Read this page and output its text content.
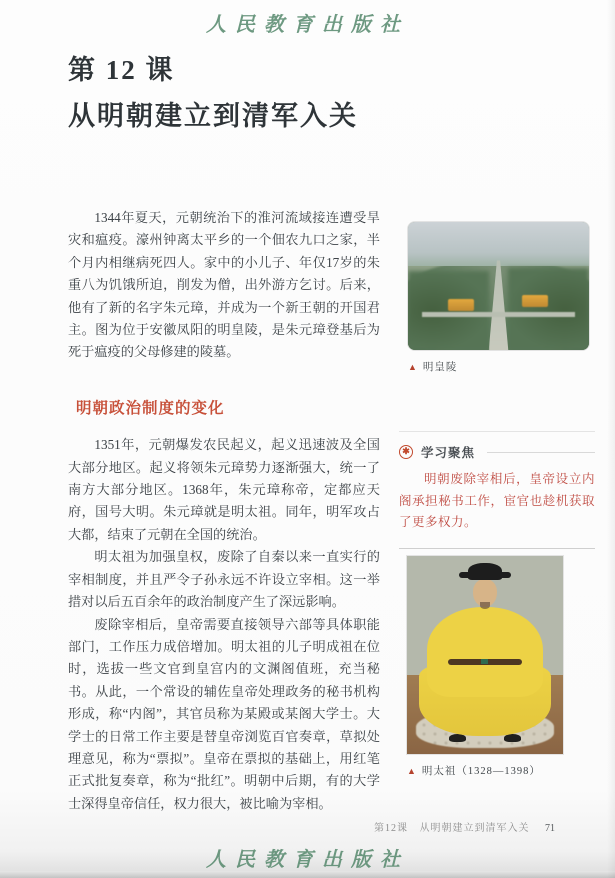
人民教育出版社
第 12 课
从明朝建立到清军入关

1344年夏天，元朝统治下的淮河流域接连遭受旱灾和瘟疫。濠州钟离太平乡的一个佃农九口之家，半个月内相继病死四人。家中的小儿子、年仅17岁的朱重八为饥饿所迫，削发为僧，出外游方乞讨。后来，他有了新的名字朱元璋，并成为一个新王朝的开国君主。图为位于安徽凤阳的明皇陵，是朱元璋登基后为死于瘟疫的父母修建的陵墓。

明朝政治制度的变化

1351年，元朝爆发农民起义，起义迅速波及全国大部分地区。起义将领朱元璋势力逐渐强大，统一了南方大部分地区。1368年，朱元璋称帝，定都应天府，国号大明。朱元璋就是明太祖。同年，明军攻占大都，结束了元朝在全国的统治。

明太祖为加强皇权，废除了自秦以来一直实行的宰相制度，并且严令子孙永远不许设立宰相。这一举措对以后五百余年的政治制度产生了深远影响。

废除宰相后，皇帝需要直接领导六部等具体职能部门，工作压力成倍增加。明太祖的儿子明成祖在位时，选拔一些文官到皇宫内的文渊阁值班，充当秘书。从此，一个常设的辅佐皇帝处理政务的秘书机构形成，称“内阁”，其官员称为某殿或某阁大学士。大学士的日常工作主要是替皇帝浏览百官奏章，草拟处理意见，称为“票拟”。皇帝在票拟的基础上，用红笔正式批复奏章，称为“批红”。明朝中后期，有的大学士深得皇帝信任，权力很大，被比喻为宰相。

▲ 明皇陵
✱ 学习聚焦
明朝废除宰相后，皇帝设立内阁承担秘书工作，宦官也趁机获取了更多权力。
▲ 明太祖（1328—1398）
第12课 从明朝建立到清军入关 71
人民教育出版社
